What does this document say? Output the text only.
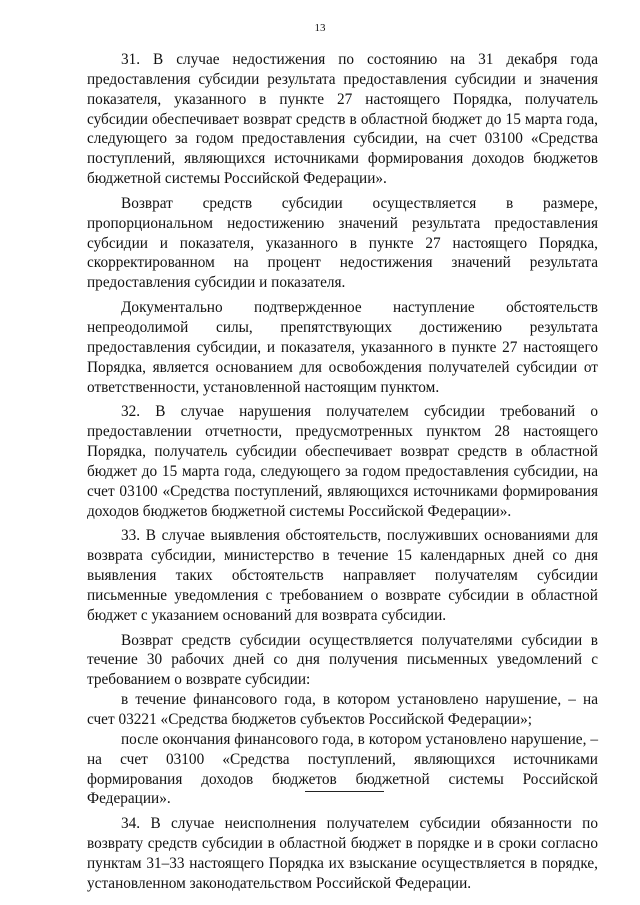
13

31. В случае недостижения по состоянию на 31 декабря года предоставления субсидии результата предоставления субсидии и значения показателя, указанного в пункте 27 настоящего Порядка, получатель субсидии обеспечивает возврат средств в областной бюджет до 15 марта года, следующего за годом предоставления субсидии, на счет 03100 «Средства поступлений, являющихся источниками формирования доходов бюджетов бюджетной системы Российской Федерации».

Возврат средств субсидии осуществляется в размере, пропорциональном недостижению значений результата предоставления субсидии и показателя, указанного в пункте 27 настоящего Порядка, скорректированном на процент недостижения значений результата предоставления субсидии и показателя.

Документально подтвержденное наступление обстоятельств непреодолимой силы, препятствующих достижению результата предоставления субсидии, и показателя, указанного в пункте 27 настоящего Порядка, является основанием для освобождения получателей субсидии от ответственности, установленной настоящим пунктом.

32. В случае нарушения получателем субсидии требований о предоставлении отчетности, предусмотренных пунктом 28 настоящего Порядка, получатель субсидии обеспечивает возврат средств в областной бюджет до 15 марта года, следующего за годом предоставления субсидии, на счет 03100 «Средства поступлений, являющихся источниками формирования доходов бюджетов бюджетной системы Российской Федерации».

33. В случае выявления обстоятельств, послуживших основаниями для возврата субсидии, министерство в течение 15 календарных дней со дня выявления таких обстоятельств направляет получателям субсидии письменные уведомления с требованием о возврате субсидии в областной бюджет с указанием оснований для возврата субсидии.

Возврат средств субсидии осуществляется получателями субсидии в течение 30 рабочих дней со дня получения письменных уведомлений с требованием о возврате субсидии:

в течение финансового года, в котором установлено нарушение, – на счет 03221 «Средства бюджетов субъектов Российской Федерации»;

после окончания финансового года, в котором установлено нарушение, – на счет 03100 «Средства поступлений, являющихся источниками формирования доходов бюджетов бюджетной системы Российской Федерации».

34. В случае неисполнения получателем субсидии обязанности по возврату средств субсидии в областной бюджет в порядке и в сроки согласно пунктам 31–33 настоящего Порядка их взыскание осуществляется в порядке, установленном законодательством Российской Федерации.
